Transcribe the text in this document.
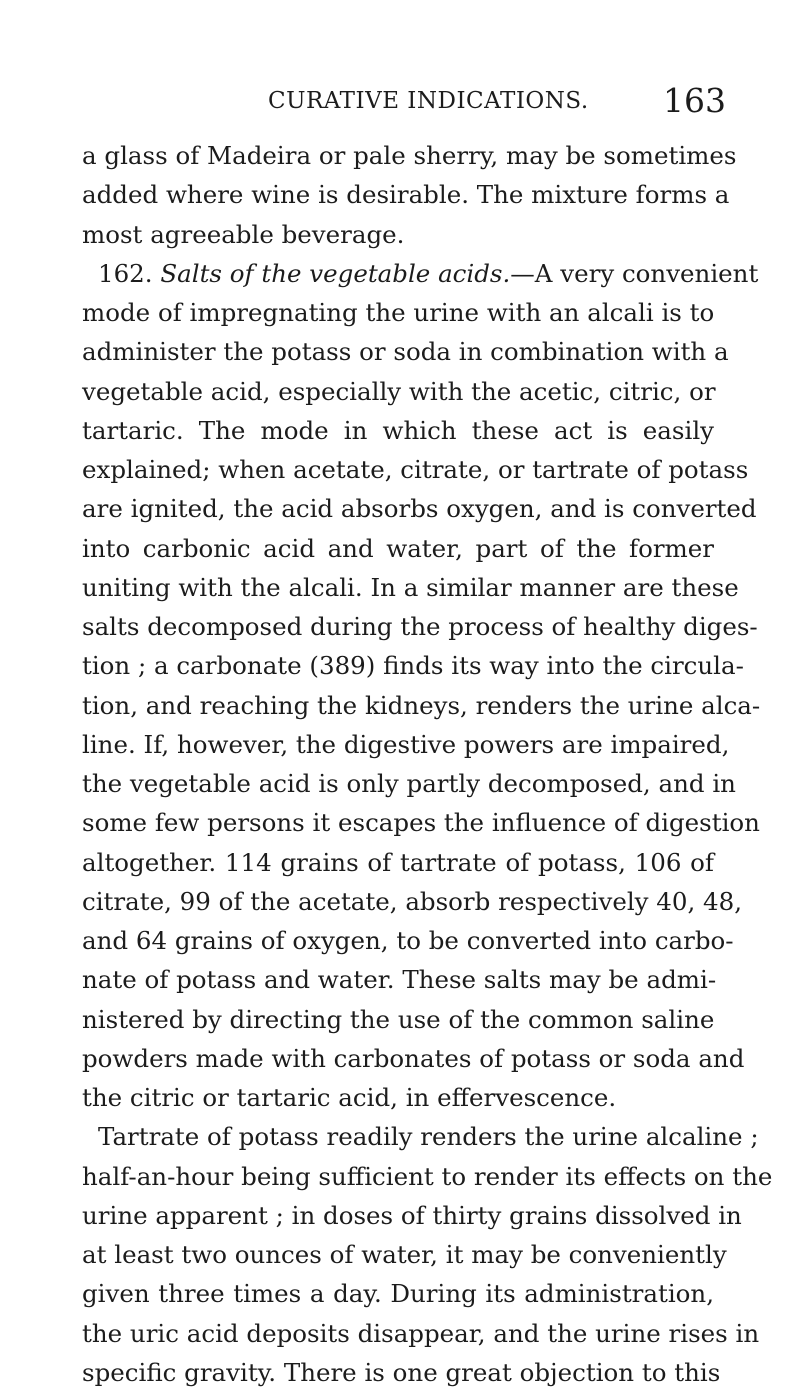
CURATIVE INDICATIONS. 163
a glass of Madeira or pale sherry, may be sometimes
added where wine is desirable. The mixture forms a
most agreeable beverage.
162. Salts of the vegetable acids.—A very convenient
mode of impregnating the urine with an alcali is to
administer the potass or soda in combination with a
vegetable acid, especially with the acetic, citric, or
tartaric. The mode in which these act is easily
explained; when acetate, citrate, or tartrate of potass
are ignited, the acid absorbs oxygen, and is converted
into carbonic acid and water, part of the former
uniting with the alcali. In a similar manner are these
salts decomposed during the process of healthy diges-
tion ; a carbonate (389) finds its way into the circula-
tion, and reaching the kidneys, renders the urine alca-
line. If, however, the digestive powers are impaired,
the vegetable acid is only partly decomposed, and in
some few persons it escapes the influence of digestion
altogether. 114 grains of tartrate of potass, 106 of
citrate, 99 of the acetate, absorb respectively 40, 48,
and 64 grains of oxygen, to be converted into carbo-
nate of potass and water. These salts may be admi-
nistered by directing the use of the common saline
powders made with carbonates of potass or soda and
the citric or tartaric acid, in effervescence.
Tartrate of potass readily renders the urine alcaline ;
half-an-hour being sufficient to render its effects on the
urine apparent ; in doses of thirty grains dissolved in
at least two ounces of water, it may be conveniently
given three times a day. During its administration,
the uric acid deposits disappear, and the urine rises in
specific gravity. There is one great objection to this
